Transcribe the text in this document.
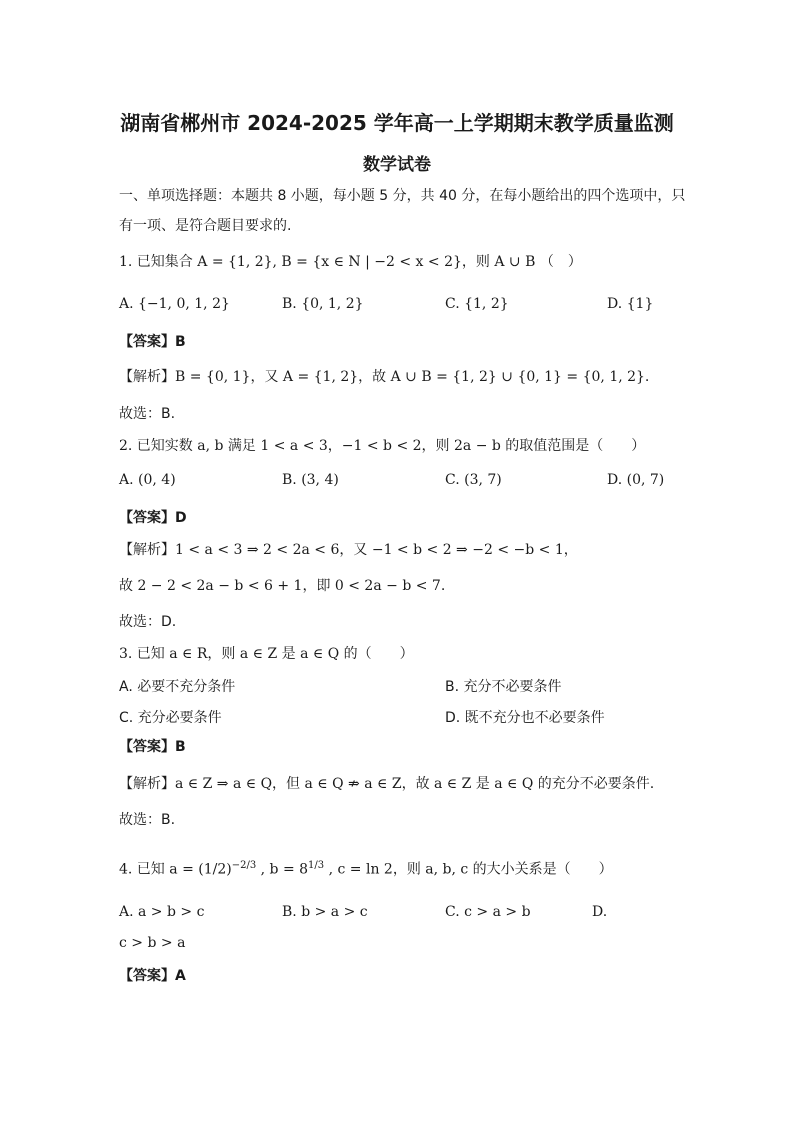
湖南省郴州市 2024-2025 学年高一上学期期末教学质量监测
数学试卷
一、单项选择题：本题共 8 小题，每小题 5 分，共 40 分，在每小题给出的四个选项中，只
有一项、是符合题目要求的.
1. 已知集合 A = {1, 2}, B = {x ∈ N | −2 < x < 2}，则 A ∪ B （　）
A. {−1, 0, 1, 2}	B. {0, 1, 2}	C. {1, 2}	D. {1}
【答案】B
【解析】B = {0, 1}，又 A = {1, 2}，故 A ∪ B = {1, 2} ∪ {0, 1} = {0, 1, 2}.
故选：B.
2. 已知实数 a, b 满足 1 < a < 3，−1 < b < 2，则 2a − b 的取值范围是（　　）
A. (0, 4)	B. (3, 4)	C. (3, 7)	D. (0, 7)
【答案】D
【解析】1 < a < 3 ⇒ 2 < 2a < 6，又 −1 < b < 2 ⇒ −2 < −b < 1，
故 2 − 2 < 2a − b < 6 + 1，即 0 < 2a − b < 7.
故选：D.
3. 已知 a ∈ R，则 a ∈ Z 是 a ∈ Q 的（　　）
A. 必要不充分条件	B. 充分不必要条件
C. 充分必要条件	D. 既不充分也不必要条件
【答案】B
【解析】a ∈ Z ⇒ a ∈ Q，但 a ∈ Q ⇏ a ∈ Z，故 a ∈ Z 是 a ∈ Q 的充分不必要条件.
故选：B.
4. 已知 $a = (1/2)^{-2/3}$ , $b = 8^{1/3}$ , c = ln 2，则 a, b, c 的大小关系是（　　）
A. a > b > c	B. b > a > c	C. c > a > b	D.
c > b > a
【答案】A
